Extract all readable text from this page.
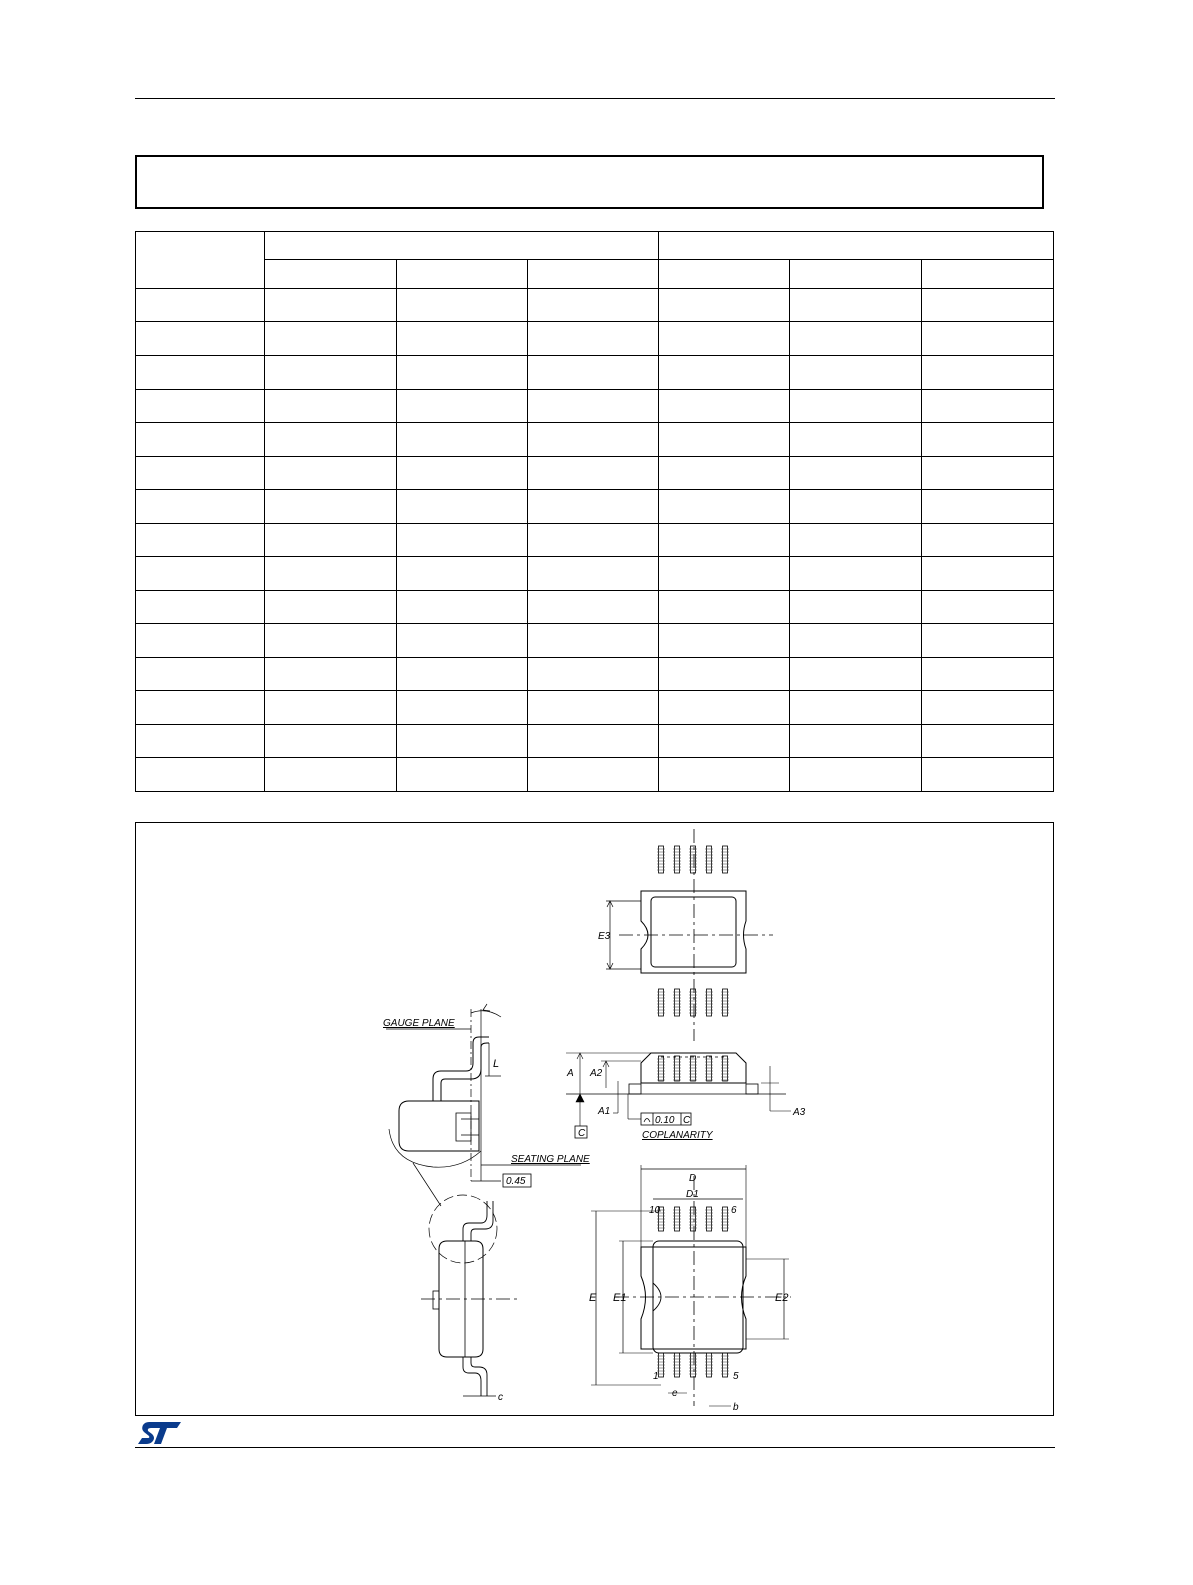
E3
A A2
A1
C
0.10 C
COPLANARITY
A3
GAUGE PLANE
L
SEATING PLANE
0.45
c
D
D1
E E1	E2
10	6
1	5
e
b
